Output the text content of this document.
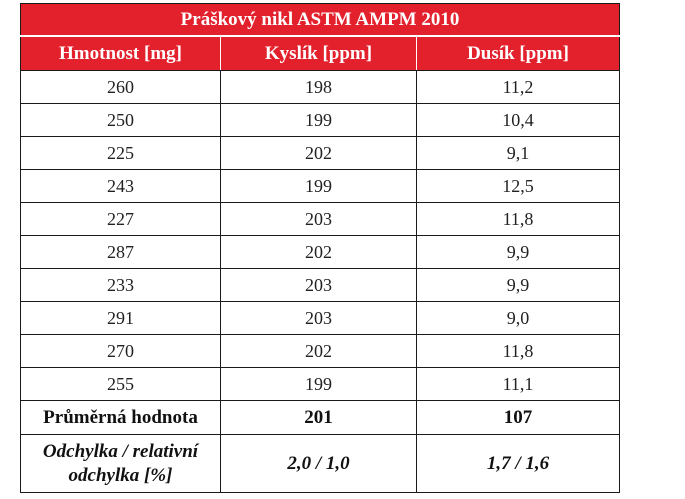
Práškový nikl ASTM AMPM 2010		
Hmotnost [mg]	Kyslík [ppm]	Dusík [ppm]
260	198	11,2
250	199	10,4
225	202	9,1
243	199	12,5
227	203	11,8
287	202	9,9
233	203	9,9
291	203	9,0
270	202	11,8
255	199	11,1
Průměrná hodnota	201	107
Odchylka / relativní
odchylka [%]	2,0 / 1,0	1,7 / 1,6
